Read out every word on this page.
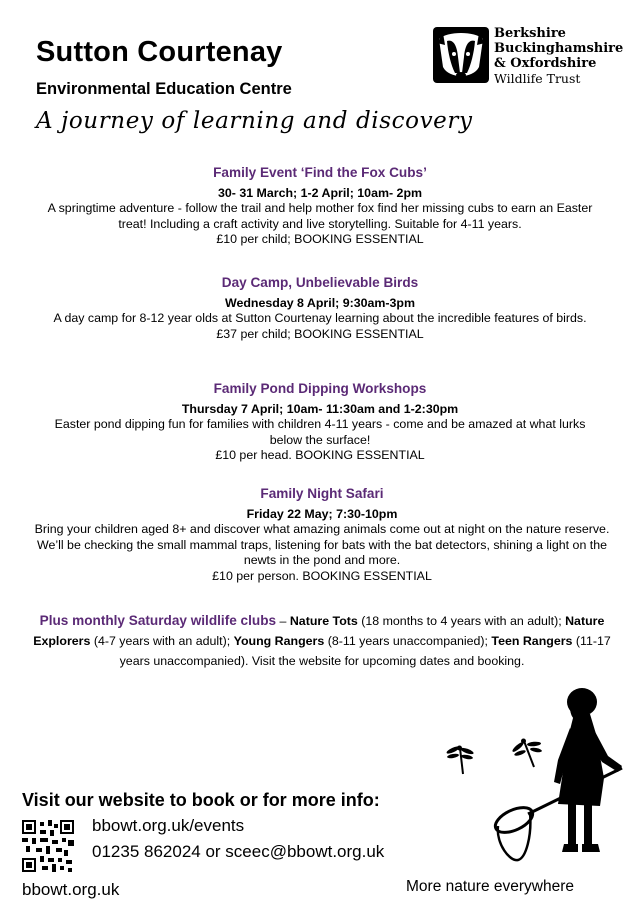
Sutton Courtenay
Environmental Education Centre
A journey of learning and discovery
Berkshire
Buckinghamshire
& Oxfordshire
Wildlife Trust
Family Event ‘Find the Fox Cubs’
30- 31 March; 1-2 April; 10am- 2pm
A springtime adventure - follow the trail and help mother fox find her missing cubs to earn an Easter treat! Including a craft activity and live storytelling. Suitable for 4-11 years.
£10 per child; BOOKING ESSENTIAL
Day Camp, Unbelievable Birds
Wednesday 8 April; 9:30am-3pm
A day camp for 8-12 year olds at Sutton Courtenay learning about the incredible features of birds.
£37 per child; BOOKING ESSENTIAL
Family Pond Dipping Workshops
Thursday 7 April; 10am- 11:30am and 1-2:30pm
Easter pond dipping fun for families with children 4-11 years - come and be amazed at what lurks below the surface!
£10 per head. BOOKING ESSENTIAL
Family Night Safari
Friday 22 May; 7:30-10pm
Bring your children aged 8+ and discover what amazing animals come out at night on the nature reserve. We’ll be checking the small mammal traps, listening for bats with the bat detectors, shining a light on the newts in the pond and more.
£10 per person. BOOKING ESSENTIAL
Plus monthly Saturday wildlife clubs – Nature Tots (18 months to 4 years with an adult); Nature Explorers (4-7 years with an adult); Young Rangers (8-11 years unaccompanied); Teen Rangers (11-17 years unaccompanied). Visit the website for upcoming dates and booking.
Visit our website to book or for more info:
bbowt.org.uk/events
01235 862024 or sceec@bbowt.org.uk
bbowt.org.uk	More nature everywhere
